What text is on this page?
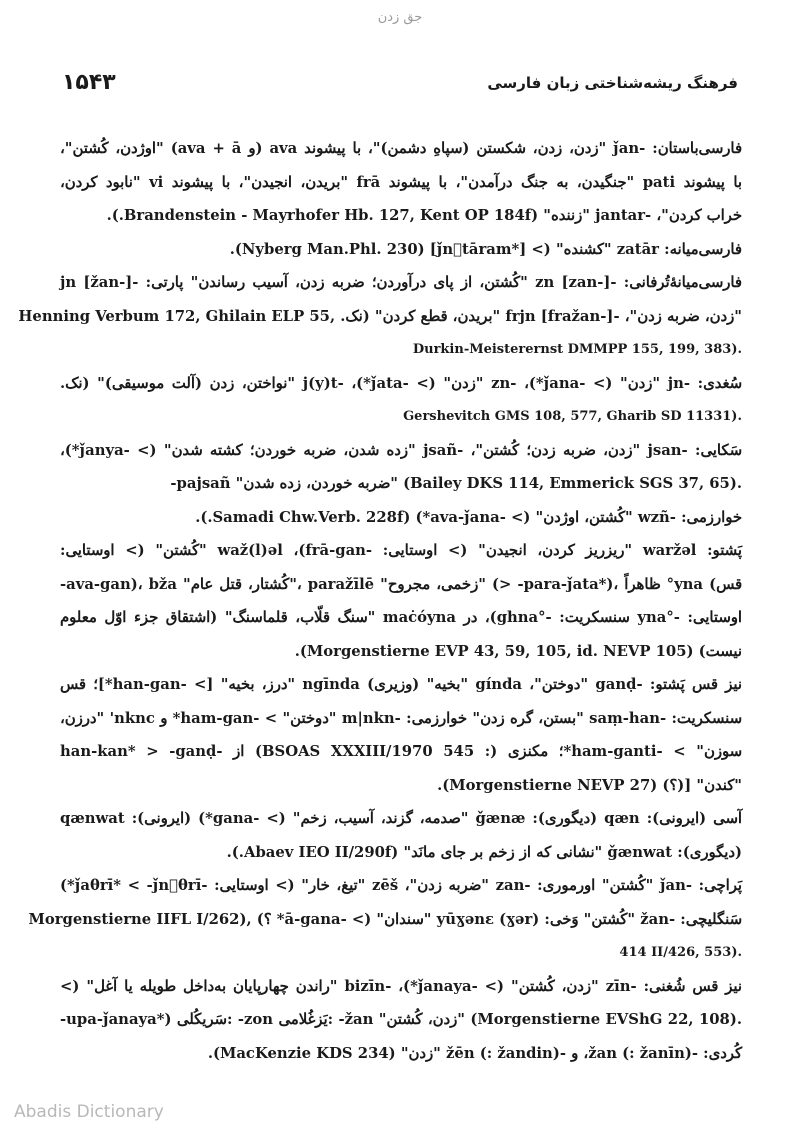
جق زدن
۱۵۴۳	فرهنگ ریشه‌شناختی زبان فارسی
فارسی‌باستان: -ǰan "زدن، زدن، شکستن (سپاهِ دشمن)"، با پیشوند ava (و ava + ā) "اوژدن، کُشتن"،
با پیشوند pati "جنگیدن، به جنگ درآمدن"، با پیشوند frā "بریدن، انجیدن"، با پیشوند vi "نابود کردن،
خراب کردن"، -jantar "زننده" (Brandenstein - Mayrhofer Hb. 127, Kent OP 184f.).
فارسی‌میانه: zatār "کشنده" (> [*ǰnٰtāram] (Nyberg Man.Phl. 230).
فارسی‌میانهٔ‌تُرفانی: -zn [zan-] "کُشتن، از پای درآوردن؛ ضربه زدن، آسیب رساندن" پارتی: -jn [žan-]
"زدن، ضربه زدن"، -frjn [fražan-] "بریدن، قطع کردن" (نک. ,Henning Verbum 172, Ghilain ELP 55
Durkin-Meisterernst DMMPP 155, 199, 383).
سُغدی: -jn "زدن" (> -ǰana*)، -zn "زدن" (> -ǰata*)، -j(y)t "نواختن، زدن (آلت موسیقی)" (نک.
Gershevitch GMS 108, 577, Gharib SD 11331).
سَکایی: -jsan "زدن، ضربه زدن؛ کُشتن"، -jsañ "زده شدن، ضربه خوردن؛ کشته شدن" (> -ǰanya*)،
-pajsañ "ضربه خوردن، زده شدن" (Bailey DKS 114, Emmerick SGS 37, 65).
خوارزمی: -wzñ "کُشتن، اوژدن" (> -ava-ǰana*) (Samadi Chw.Verb. 228f.).
پَشتو: waržəl "ریزریز کردن، انجیدن" (> اوستایی: -frā-gan)، waž(l)əl "کُشتن" (> اوستایی:
-ava-gan)، bža "کُشتار، قتل عام"، paražīlē "زخمی، مجروح" (> -para-ǰata*)، ظاهراً °yna (قس
اوستایی: -°yna سنسکریت: -°ghna)، در maċóyna "سنگ قلّاب، قلماسنگ" (اشتقاق جزء اوّل معلوم
نیست) (Morgenstierne EVP 43, 59, 105, id. NEVP 105).
نیز قس پَشتو: -ganḍ "دوختن"، gínda "بخیه" (وزیری) ngīnda "درز، بخیه" [> -han-gan*]؛ قس
سنسکریت: -saṃ-han "بستن، گره زدن" خوارزمی: -m|nkn "دوختن" > -ham-gan* و nknc' "درزن،
سوزن" > -ham-ganti*؛ مکنزی (: BSOAS XXXIII/1970 545) از -han-kan* > -ganḍ
"کندن" [(؟) (Morgenstierne NEVP 27).
آسی (ایرونی): qæn (دیگوری): ǧænæ "صدمه، گزند، آسیب، زخم" (> -gana*) (ایرونی): qænwat
(دیگوری): ǧænwat "نشانی که از زخم بر جای مانَد" (Abaev IEO II/290f.).
پَراچی: -ǰan "کُشتن" اورموری: -zan "ضربه زدن"، zēš "تیغ، خار" (> اوستایی: -ǰaθrī* < -ǰnٰθrī*)
سَنگلیچی: -žan "کُشتن" وَخی: yūɣənε (ɣər) "سندان" (> -ā-gana* ؟) ,(Morgenstierne IIFL I/262
414 II/426, 553).
نیز قس شُغنی: -zīn "زدن، کُشتن" (> -ǰanaya*)، -bizīn "راندن چهارپایان به‌داخل طویله یا آغل" (>
-upa-ǰanaya*) سَریکُلی: -zon یَزغُلامی: -žan "زدن، کُشتن" (Morgenstierne EVShG 22, 108).
کُردی: -žan (: žanīn)، و -žēn (: žandin) "زدن" (MacKenzie KDS 234).
Abadis Dictionary
